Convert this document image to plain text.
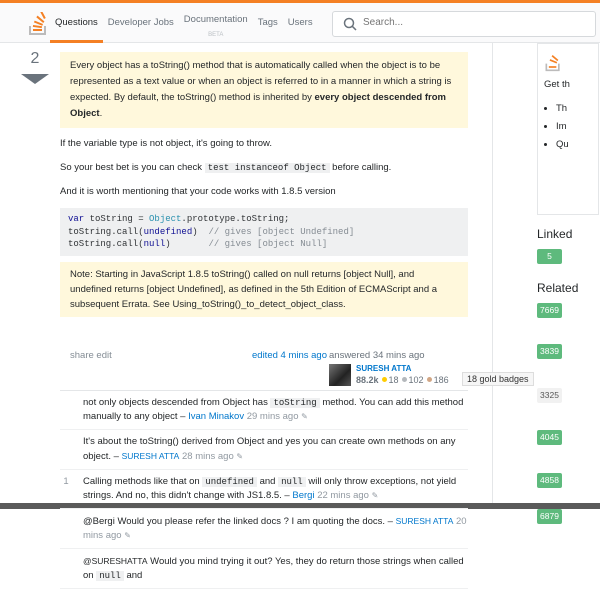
Questions	Developer Jobs	Documentation
BETA
Tags	Users
Search...
2	Every object has a toString() method that is automatically called when the object is to be represented as a text value or when an object is referred to in a manner in which a string is expected. By default, the toString() method is inherited by every object descended from Object.

If the variable type is not object, it's going to throw.

So your best bet is you can check test instanceof Object before calling.

And it is worth mentioning that your code works with 1.8.5 version

var toString = Object.prototype.toString;
toString.call(undefined)  // gives [object Undefined]
toString.call(null)       // gives [object Null]
Note: Starting in JavaScript 1.8.5 toString() called on null returns [object Null], and undefined returns [object Undefined], as defined in the 5th Edition of ECMAScript and a subsequent Errata. See Using_toString()_to_detect_object_class.
share edit	edited 4 mins ago answered 34 mins ago
SURESH ATTA
88.2k 18 102 186	18 gold badges
not only objects descended from Object has toString method. You can add this method manually to any object – Ivan Minakov 29 mins ago ✎
It's about the toString() derived from Object and yes you can create own methods on any object. – SURESH ATTA 28 mins ago ✎
1	Calling methods like that on undefined and null will only throw exceptions, not yield strings. And no, this didn't change with JS1.8.5. – Bergi 22 mins ago ✎
@Bergi Would you please refer the linked docs ? I am quoting the docs. – SURESH ATTA 20 mins ago ✎
@SURESHATTA Would you mind trying it out? Yes, they do return those strings when called on null and
Get th
• Th
• Im
• Qu
Linked
5
Related
7669
3839
3325
4045
4858
6879
